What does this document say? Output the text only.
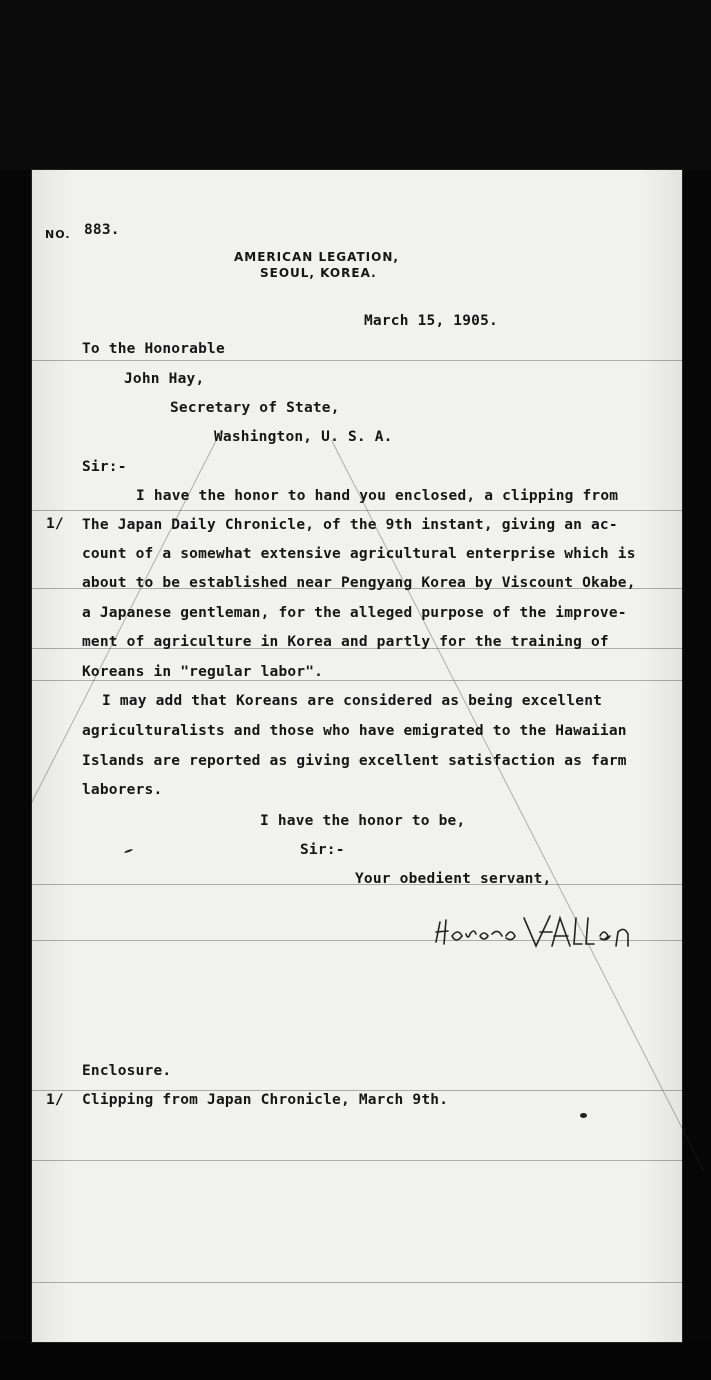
NO. 883.
AMERICAN LEGATION,
SEOUL, KOREA.
March 15, 1905.
To the Honorable
John Hay,
Secretary of State,
Washington, U. S. A.
Sir:-
1/
I have the honor to hand you enclosed, a clipping from
The Japan Daily Chronicle, of the 9th instant, giving an ac-
count of a somewhat extensive agricultural enterprise which is
about to be established near Pengyang Korea by Viscount Okabe,
a Japanese gentleman, for the alleged purpose of the improve-
ment of agriculture in Korea and partly for the training of
Koreans in "regular labor".
I may add that Koreans are considered as being excellent
agriculturalists and those who have emigrated to the Hawaiian
Islands are reported as giving excellent satisfaction as farm
laborers.
I have the honor to be,
Sir:-
Your obedient servant,
Enclosure.
1/ Clipping from Japan Chronicle, March 9th.
